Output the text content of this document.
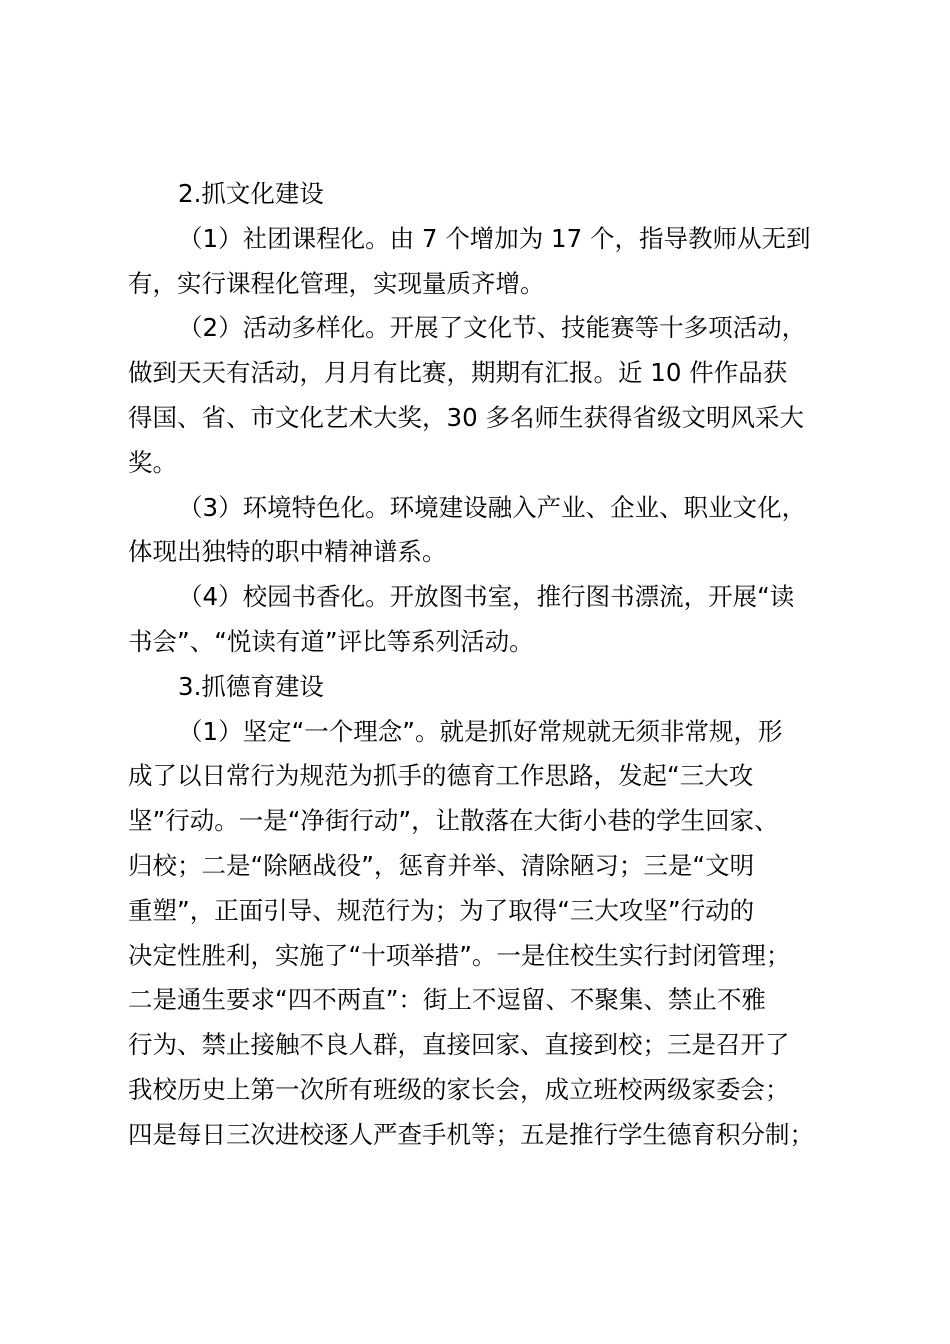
2.抓文化建设
（1）社团课程化。由 7 个增加为 17 个，指导教师从无到
有，实行课程化管理，实现量质齐增。
（2）活动多样化。开展了文化节、技能赛等十多项活动，
做到天天有活动，月月有比赛，期期有汇报。近 10 件作品获
得国、省、市文化艺术大奖，30 多名师生获得省级文明风采大
奖。
（3）环境特色化。环境建设融入产业、企业、职业文化，
体现出独特的职中精神谱系。
（4）校园书香化。开放图书室，推行图书漂流，开展“读
书会”、“悦读有道”评比等系列活动。
3.抓德育建设
（1）坚定“一个理念”。就是抓好常规就无须非常规，形
成了以日常行为规范为抓手的德育工作思路，发起“三大攻
坚”行动。一是“净街行动”，让散落在大街小巷的学生回家、
归校；二是“除陋战役”，惩育并举、清除陋习；三是“文明
重塑”，正面引导、规范行为；为了取得“三大攻坚”行动的
决定性胜利，实施了“十项举措”。一是住校生实行封闭管理；
二是通生要求“四不两直”：街上不逗留、不聚集、禁止不雅
行为、禁止接触不良人群，直接回家、直接到校；三是召开了
我校历史上第一次所有班级的家长会，成立班校两级家委会；
四是每日三次进校逐人严查手机等；五是推行学生德育积分制；
